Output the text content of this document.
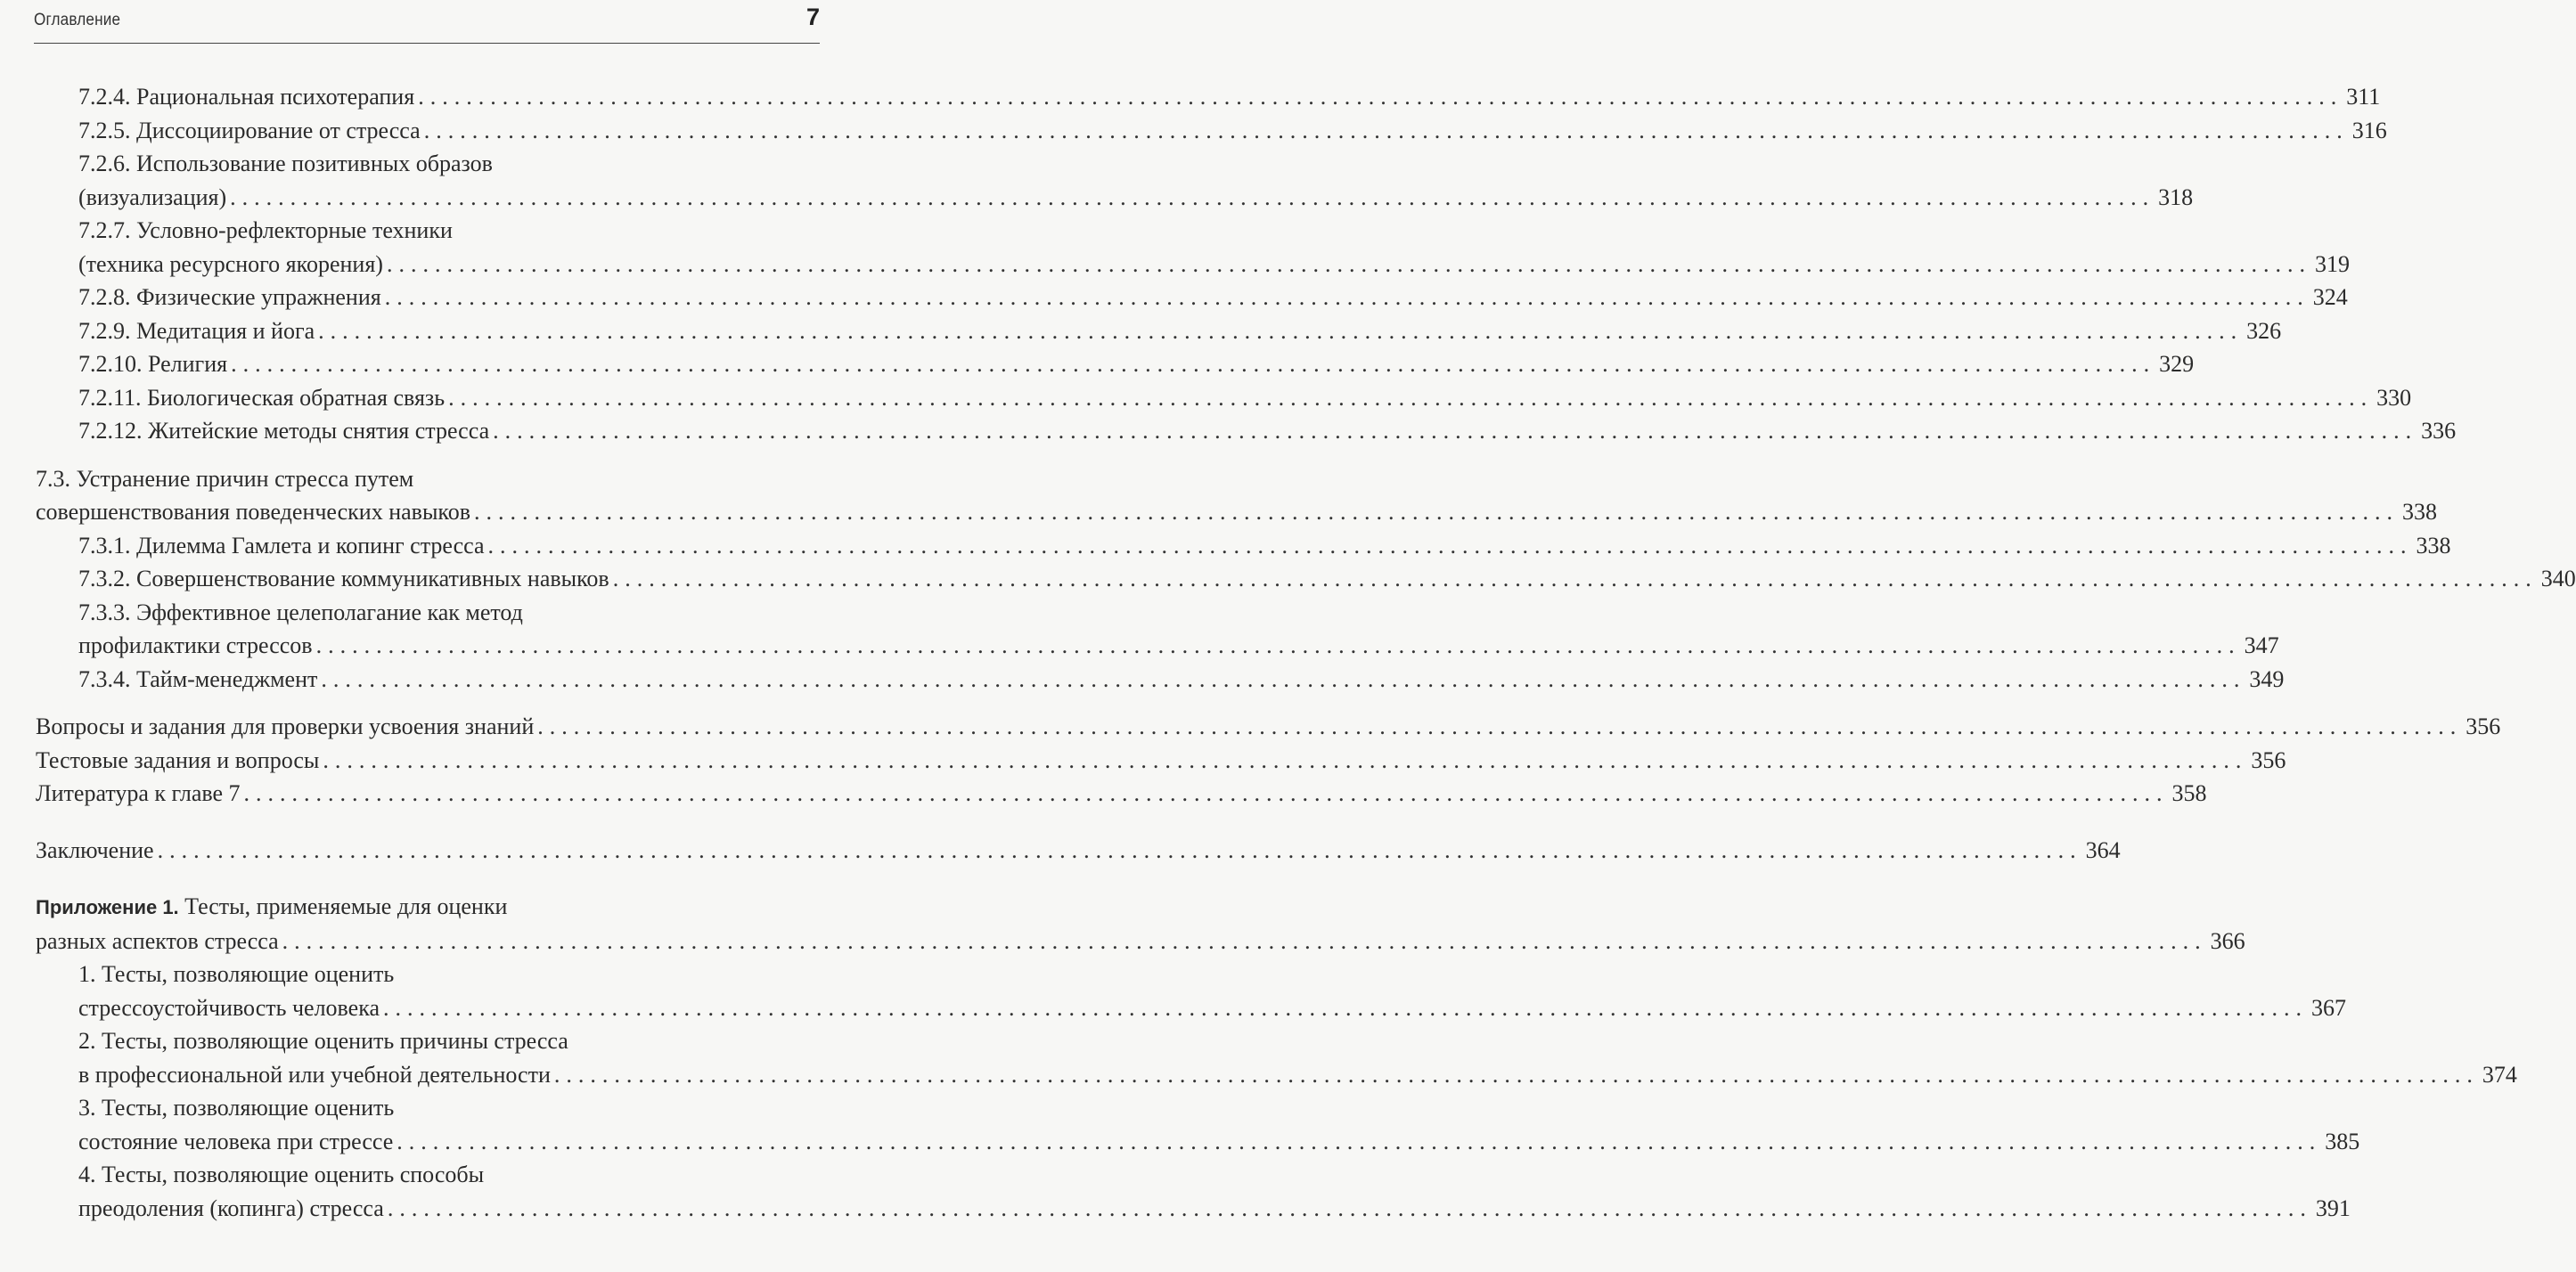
Оглавление	7
7.2.4. Рациональная психотерапия ................................................................................................................................................................ 311
7.2.5. Диссоциирование от стресса ................................................................................................................................................................ 316
7.2.6. Использование позитивных образов
(визуализация) ................................................................................................................................................................ 318
7.2.7. Условно-рефлекторные техники
(техника ресурсного якорения) ................................................................................................................................................................ 319
7.2.8. Физические упражнения ................................................................................................................................................................ 324
7.2.9. Медитация и йога ................................................................................................................................................................ 326
7.2.10. Религия ................................................................................................................................................................ 329
7.2.11. Биологическая обратная связь ................................................................................................................................................................ 330
7.2.12. Житейские методы снятия стресса ................................................................................................................................................................ 336
7.3. Устранение причин стресса путем
совершенствования поведенческих навыков ................................................................................................................................................................ 338
7.3.1. Дилемма Гамлета и копинг стресса ................................................................................................................................................................ 338
7.3.2. Совершенствование коммуникативных навыков ................................................................................................................................................................ 340
7.3.3. Эффективное целеполагание как метод
профилактики стрессов ................................................................................................................................................................ 347
7.3.4. Тайм-менеджмент ................................................................................................................................................................ 349
Вопросы и задания для проверки усвоения знаний ................................................................................................................................................................ 356
Тестовые задания и вопросы ................................................................................................................................................................ 356
Литература к главе 7 ................................................................................................................................................................ 358
Заключение ................................................................................................................................................................ 364
Приложение 1. Тесты, применяемые для оценки
разных аспектов стресса ................................................................................................................................................................ 366
1. Тесты, позволяющие оценить
стрессоустойчивость человека ................................................................................................................................................................ 367
2. Тесты, позволяющие оценить причины стресса
в профессиональной или учебной деятельности ................................................................................................................................................................ 374
3. Тесты, позволяющие оценить
состояние человека при стрессе ................................................................................................................................................................ 385
4. Тесты, позволяющие оценить способы
преодоления (копинга) стресса ................................................................................................................................................................ 391
